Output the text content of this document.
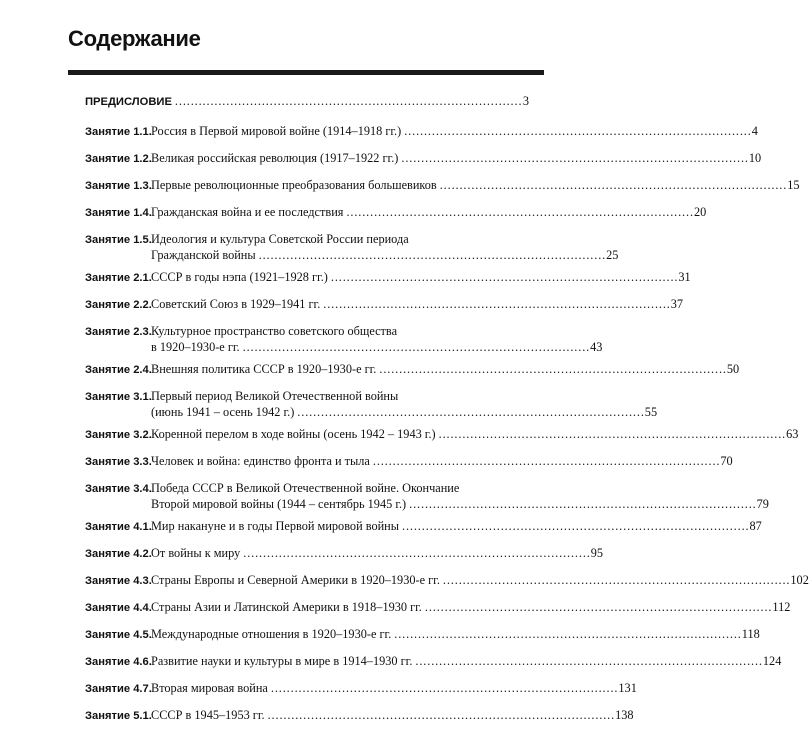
Содержание
ПРЕДИСЛОВИЕ . . .	3
Занятие 1.1. Россия в Первой мировой войне (1914–1918 гг.) . . .	4
Занятие 1.2. Великая российская революция (1917–1922 гг.) . . .	10
Занятие 1.3. Первые революционные преобразования большевиков . . .	15
Занятие 1.4. Гражданская война и ее последствия . . .	20
Занятие 1.5. Идеология и культура Советской России периода
Гражданской войны . . .	25
Занятие 2.1. СССР в годы нэпа (1921–1928 гг.) . . .	31
Занятие 2.2. Советский Союз в 1929–1941 гг. . . .	37
Занятие 2.3. Культурное пространство советского общества
в 1920–1930-е гг. . . .	43
Занятие 2.4. Внешняя политика СССР в 1920–1930-е гг. . . .	50
Занятие 3.1. Первый период Великой Отечественной войны
(июнь 1941 – осень 1942 г.) . . .	55
Занятие 3.2. Коренной перелом в ходе войны (осень 1942 – 1943 г.) . . .	63
Занятие 3.3. Человек и война: единство фронта и тыла . . .	70
Занятие 3.4. Победа СССР в Великой Отечественной войне. Окончание
Второй мировой войны (1944 – сентябрь 1945 г.) . . .	79
Занятие 4.1. Мир накануне и в годы Первой мировой войны . . .	87
Занятие 4.2. От войны к миру . . .	95
Занятие 4.3. Страны Европы и Северной Америки в 1920–1930-е гг. . . .	102
Занятие 4.4. Страны Азии и Латинской Америки в 1918–1930 гг. . . .	112
Занятие 4.5. Международные отношения в 1920–1930-е гг. . . .	118
Занятие 4.6. Развитие науки и культуры в мире в 1914–1930 гг. . . .	124
Занятие 4.7. Вторая мировая война . . .	131
Занятие 5.1. СССР в 1945–1953 гг. . . .	138
